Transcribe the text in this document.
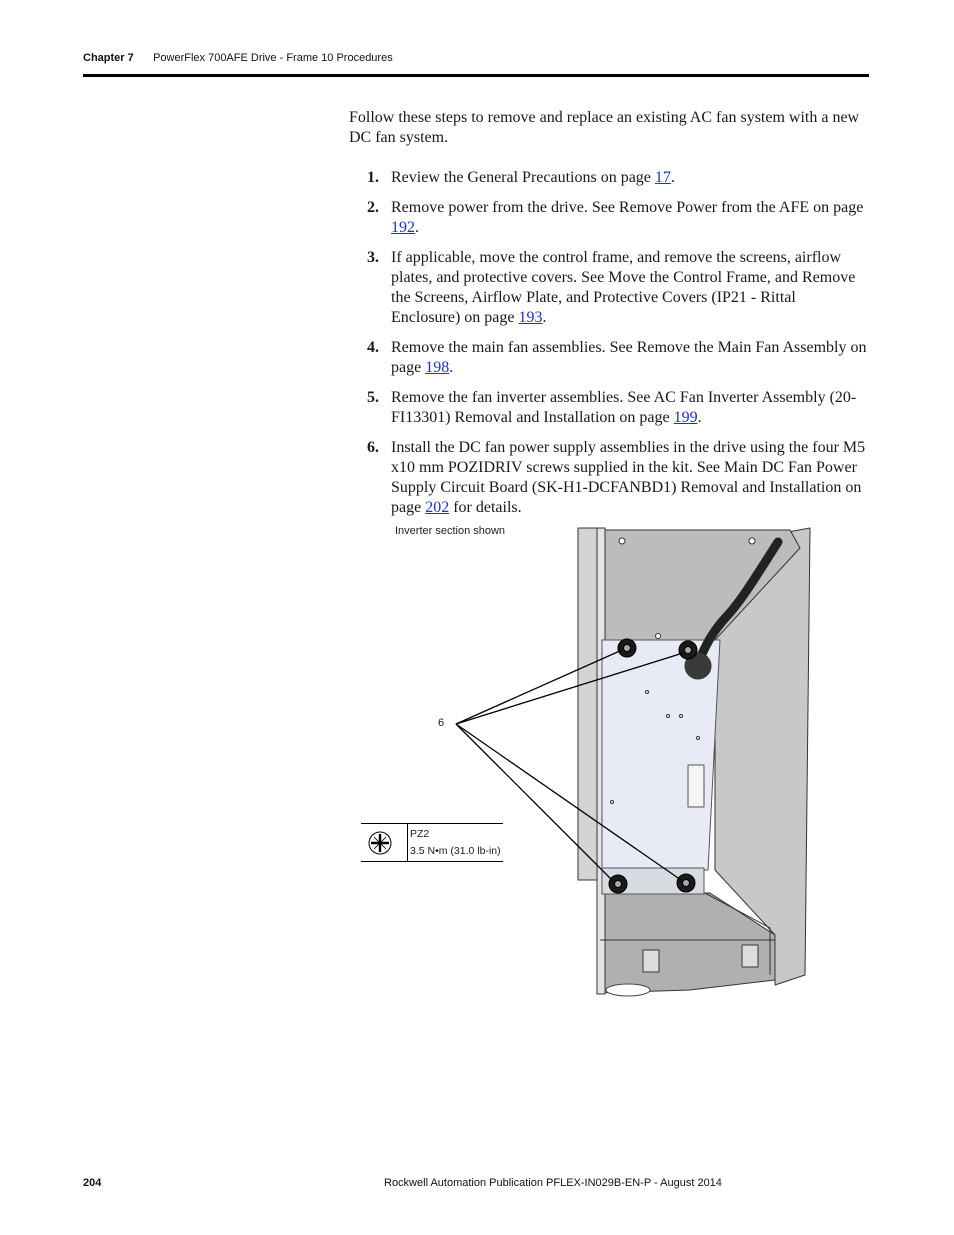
Chapter 7 PowerFlex 700AFE Drive - Frame 10 Procedures

Follow these steps to remove and replace an existing AC fan system with a new DC fan system.

1. Review the General Precautions on page 17.
2. Remove power from the drive. See Remove Power from the AFE on page 192.
3. If applicable, move the control frame, and remove the screens, airflow plates, and protective covers. See Move the Control Frame, and Remove the Screens, Airflow Plate, and Protective Covers (IP21 - Rittal Enclosure) on page 193.
4. Remove the main fan assemblies. See Remove the Main Fan Assembly on page 198.
5. Remove the fan inverter assemblies. See AC Fan Inverter Assembly (20-FI13301) Removal and Installation on page 199.
6. Install the DC fan power supply assemblies in the drive using the four M5 x10 mm POZIDRIV screws supplied in the kit. See Main DC Fan Power Supply Circuit Board (SK-H1-DCFANBD1) Removal and Installation on page 202 for details.
Inverter section shown
6
PZ2
3.5 N•m (31.0 lb-in)
204	Rockwell Automation Publication PFLEX-IN029B-EN-P - August 2014
